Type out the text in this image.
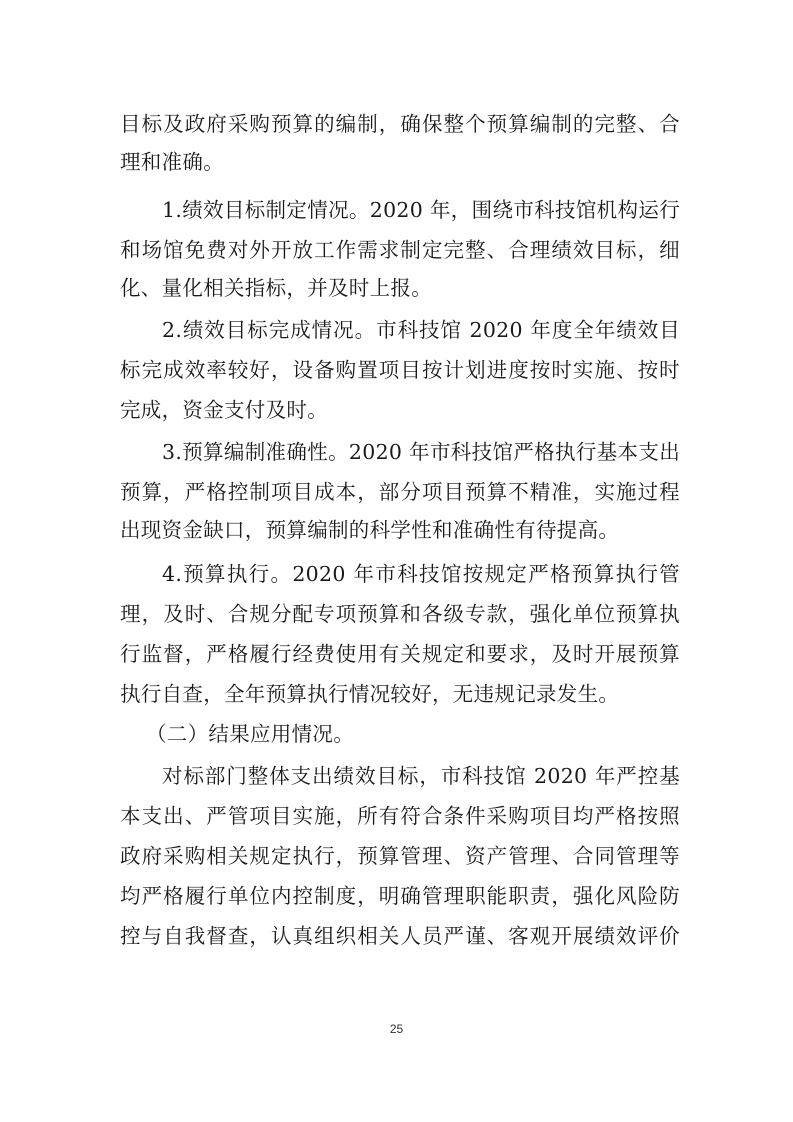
目标及政府采购预算的编制，确保整个预算编制的完整、合
理和准确。
1.绩效目标制定情况。2020 年，围绕市科技馆机构运行
和场馆免费对外开放工作需求制定完整、合理绩效目标，细
化、量化相关指标，并及时上报。
2.绩效目标完成情况。市科技馆 2020 年度全年绩效目
标完成效率较好，设备购置项目按计划进度按时实施、按时
完成，资金支付及时。
3.预算编制准确性。2020 年市科技馆严格执行基本支出
预算，严格控制项目成本，部分项目预算不精准，实施过程
出现资金缺口，预算编制的科学性和准确性有待提高。
4.预算执行。2020 年市科技馆按规定严格预算执行管
理，及时、合规分配专项预算和各级专款，强化单位预算执
行监督，严格履行经费使用有关规定和要求，及时开展预算
执行自查，全年预算执行情况较好，无违规记录发生。
（二）结果应用情况。
对标部门整体支出绩效目标，市科技馆 2020 年严控基
本支出、严管项目实施，所有符合条件采购项目均严格按照
政府采购相关规定执行，预算管理、资产管理、合同管理等
均严格履行单位内控制度，明确管理职能职责，强化风险防
控与自我督查，认真组织相关人员严谨、客观开展绩效评价
25
